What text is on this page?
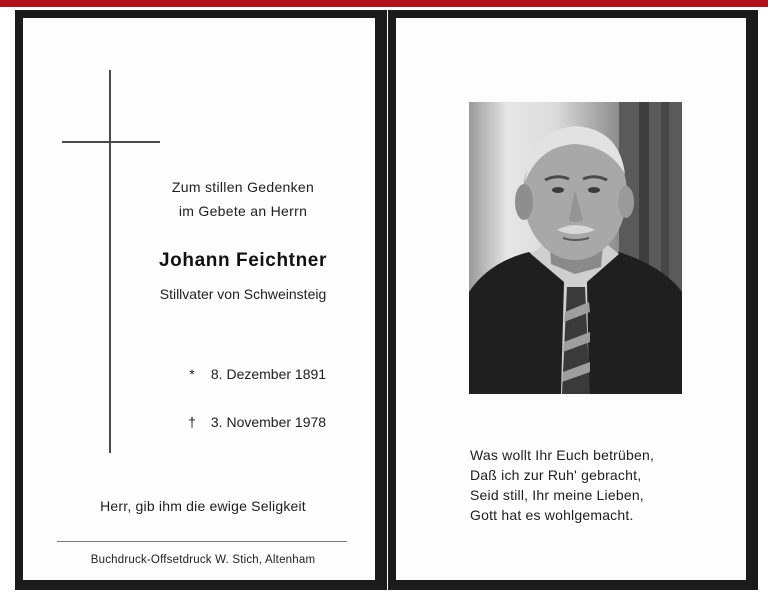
Zum stillen Gedenken
im Gebete an Herrn
Johann Feichtner
Stillvater von Schweinsteig
* 8. Dezember 1891
† 3. November 1978
Herr, gib ihm die ewige Seligkeit
Buchdruck-Offsetdruck W. Stich, Altenham
Was wollt Ihr Euch betrüben,
Daß ich zur Ruh' gebracht,
Seid still, Ihr meine Lieben,
Gott hat es wohlgemacht.
